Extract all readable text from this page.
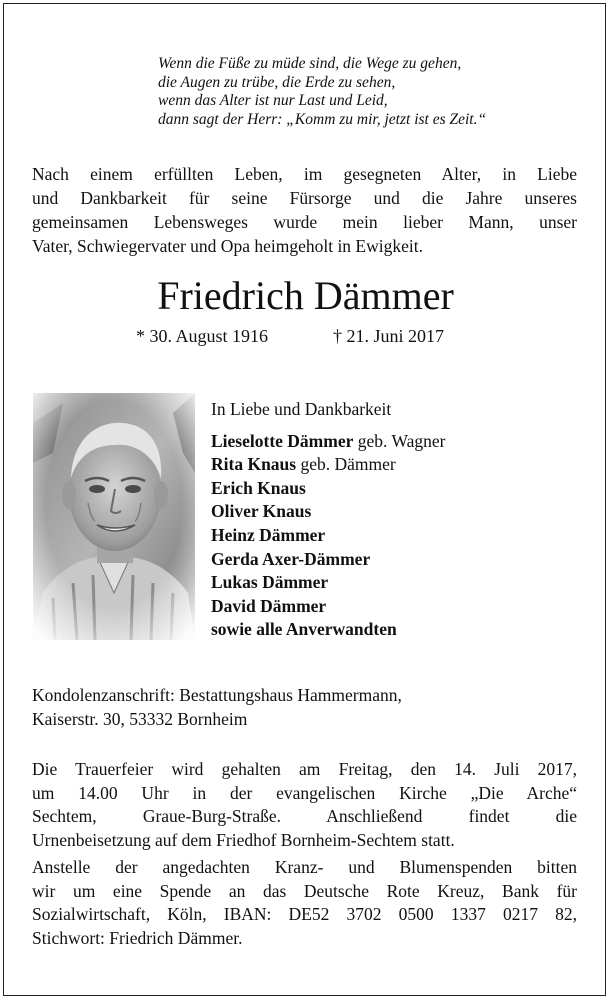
Wenn die Füße zu müde sind, die Wege zu gehen,
die Augen zu trübe, die Erde zu sehen,
wenn das Alter ist nur Last und Leid,
dann sagt der Herr: „Komm zu mir, jetzt ist es Zeit.“
Nach einem erfüllten Leben, im gesegneten Alter, in Liebe
und Dankbarkeit für seine Fürsorge und die Jahre unseres
gemeinsamen Lebensweges wurde mein lieber Mann, unser
Vater, Schwiegervater und Opa heimgeholt in Ewigkeit.
Friedrich Dämmer
* 30. August 1916	† 21. Juni 2017
In Liebe und Dankbarkeit
Lieselotte Dämmer geb. Wagner
Rita Knaus geb. Dämmer
Erich Knaus
Oliver Knaus
Heinz Dämmer
Gerda Axer-Dämmer
Lukas Dämmer
David Dämmer
sowie alle Anverwandten
Kondolenzanschrift: Bestattungshaus Hammermann,
Kaiserstr. 30, 53332 Bornheim
Die Trauerfeier wird gehalten am Freitag, den 14. Juli 2017,
um 14.00 Uhr in der evangelischen Kirche „Die Arche“
Sechtem, Graue-Burg-Straße. Anschließend findet die
Urnenbeisetzung auf dem Friedhof Bornheim-Sechtem statt.
Anstelle der angedachten Kranz- und Blumenspenden bitten
wir um eine Spende an das Deutsche Rote Kreuz, Bank für
Sozialwirtschaft, Köln, IBAN: DE52 3702 0500 1337 0217 82,
Stichwort: Friedrich Dämmer.
